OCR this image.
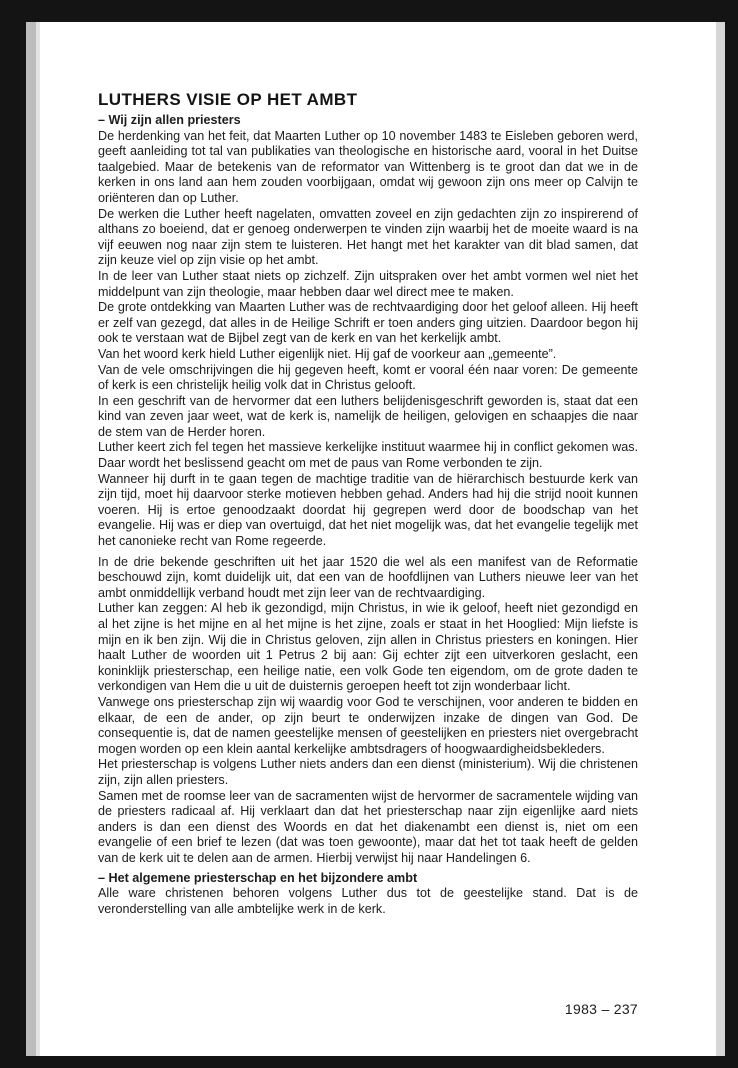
LUTHERS VISIE OP HET AMBT

– Wij zijn allen priesters

De herdenking van het feit, dat Maarten Luther op 10 november 1483 te Eisleben geboren werd, geeft aanleiding tot tal van publikaties van theologische en historische aard, vooral in het Duitse taalgebied. Maar de betekenis van de reformator van Wittenberg is te groot dan dat we in de kerken in ons land aan hem zouden voorbijgaan, omdat wij gewoon zijn ons meer op Calvijn te oriënteren dan op Luther.

De werken die Luther heeft nagelaten, omvatten zoveel en zijn gedachten zijn zo inspirerend of althans zo boeiend, dat er genoeg onderwerpen te vinden zijn waarbij het de moeite waard is na vijf eeuwen nog naar zijn stem te luisteren. Het hangt met het karakter van dit blad samen, dat zijn keuze viel op zijn visie op het ambt.

In de leer van Luther staat niets op zichzelf. Zijn uitspraken over het ambt vormen wel niet het middelpunt van zijn theologie, maar hebben daar wel direct mee te maken.

De grote ontdekking van Maarten Luther was de rechtvaardiging door het geloof alleen. Hij heeft er zelf van gezegd, dat alles in de Heilige Schrift er toen anders ging uitzien. Daardoor begon hij ook te verstaan wat de Bijbel zegt van de kerk en van het kerkelijk ambt.

Van het woord kerk hield Luther eigenlijk niet. Hij gaf de voorkeur aan „gemeente”.

Van de vele omschrijvingen die hij gegeven heeft, komt er vooral één naar voren: De gemeente of kerk is een christelijk heilig volk dat in Christus gelooft.

In een geschrift van de hervormer dat een luthers belijdenisgeschrift geworden is, staat dat een kind van zeven jaar weet, wat de kerk is, namelijk de heiligen, gelovigen en schaapjes die naar de stem van de Herder horen.

Luther keert zich fel tegen het massieve kerkelijke instituut waarmee hij in conflict gekomen was. Daar wordt het beslissend geacht om met de paus van Rome verbonden te zijn.

Wanneer hij durft in te gaan tegen de machtige traditie van de hiërarchisch bestuurde kerk van zijn tijd, moet hij daarvoor sterke motieven hebben gehad. Anders had hij die strijd nooit kunnen voeren. Hij is ertoe genoodzaakt doordat hij gegrepen werd door de boodschap van het evangelie. Hij was er diep van overtuigd, dat het niet mogelijk was, dat het evangelie tegelijk met het canonieke recht van Rome regeerde.

In de drie bekende geschriften uit het jaar 1520 die wel als een manifest van de Reformatie beschouwd zijn, komt duidelijk uit, dat een van de hoofdlijnen van Luthers nieuwe leer van het ambt onmiddellijk verband houdt met zijn leer van de rechtvaardiging.

Luther kan zeggen: Al heb ik gezondigd, mijn Christus, in wie ik geloof, heeft niet gezondigd en al het zijne is het mijne en al het mijne is het zijne, zoals er staat in het Hooglied: Mijn liefste is mijn en ik ben zijn. Wij die in Christus geloven, zijn allen in Christus priesters en koningen. Hier haalt Luther de woorden uit 1 Petrus 2 bij aan: Gij echter zijt een uitverkoren geslacht, een koninklijk priesterschap, een heilige natie, een volk Gode ten eigendom, om de grote daden te verkondigen van Hem die u uit de duisternis geroepen heeft tot zijn wonderbaar licht.

Vanwege ons priesterschap zijn wij waardig voor God te verschijnen, voor anderen te bidden en elkaar, de een de ander, op zijn beurt te onderwijzen inzake de dingen van God. De consequentie is, dat de namen geestelijke mensen of geestelijken en priesters niet overgebracht mogen worden op een klein aantal kerkelijke ambtsdragers of hoogwaardigheidsbekleders.

Het priesterschap is volgens Luther niets anders dan een dienst (ministerium). Wij die christenen zijn, zijn allen priesters.

Samen met de roomse leer van de sacramenten wijst de hervormer de sacramentele wijding van de priesters radicaal af. Hij verklaart dan dat het priesterschap naar zijn eigenlijke aard niets anders is dan een dienst des Woords en dat het diakenambt een dienst is, niet om een evangelie of een brief te lezen (dat was toen gewoonte), maar dat het tot taak heeft de gelden van de kerk uit te delen aan de armen. Hierbij verwijst hij naar Handelingen 6.

– Het algemene priesterschap en het bijzondere ambt

Alle ware christenen behoren volgens Luther dus tot de geestelijke stand. Dat is de veronderstelling van alle ambtelijke werk in de kerk.

1983 – 237
